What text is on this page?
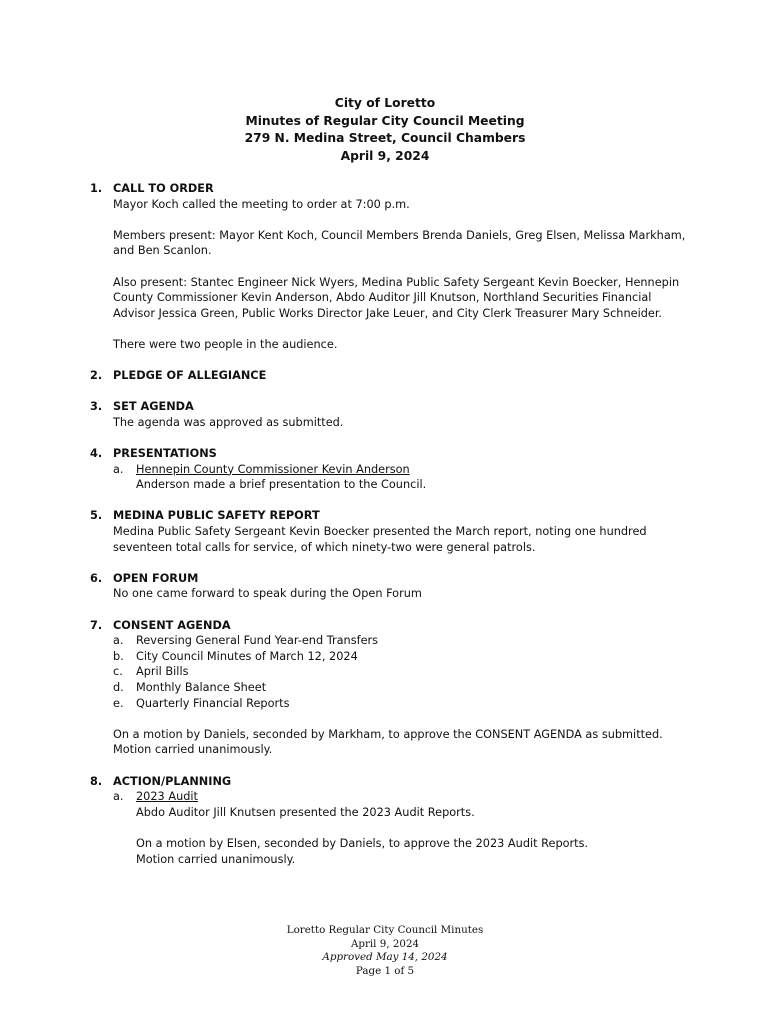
City of Loretto
Minutes of Regular City Council Meeting
279 N. Medina Street, Council Chambers
April 9, 2024
1. CALL TO ORDER
Mayor Koch called the meeting to order at 7:00 p.m.
Members present: Mayor Kent Koch, Council Members Brenda Daniels, Greg Elsen, Melissa Markham, and Ben Scanlon.
Also present: Stantec Engineer Nick Wyers, Medina Public Safety Sergeant Kevin Boecker, Hennepin County Commissioner Kevin Anderson, Abdo Auditor Jill Knutson, Northland Securities Financial Advisor Jessica Green, Public Works Director Jake Leuer, and City Clerk Treasurer Mary Schneider.
There were two people in the audience.
2. PLEDGE OF ALLEGIANCE
3. SET AGENDA
The agenda was approved as submitted.
4. PRESENTATIONS
a.	Hennepin County Commissioner Kevin Anderson
Anderson made a brief presentation to the Council.
5. MEDINA PUBLIC SAFETY REPORT
Medina Public Safety Sergeant Kevin Boecker presented the March report, noting one hundred seventeen total calls for service, of which ninety-two were general patrols.
6. OPEN FORUM
No one came forward to speak during the Open Forum
7. CONSENT AGENDA
a.	Reversing General Fund Year-end Transfers
b.	City Council Minutes of March 12, 2024
c.	April Bills
d.	Monthly Balance Sheet
e.	Quarterly Financial Reports
On a motion by Daniels, seconded by Markham, to approve the CONSENT AGENDA as submitted.
Motion carried unanimously.
8. ACTION/PLANNING
a.	2023 Audit
Abdo Auditor Jill Knutsen presented the 2023 Audit Reports.
On a motion by Elsen, seconded by Daniels, to approve the 2023 Audit Reports.
Motion carried unanimously.
Loretto Regular City Council Minutes
April 9, 2024
Approved May 14, 2024
Page 1 of 5
